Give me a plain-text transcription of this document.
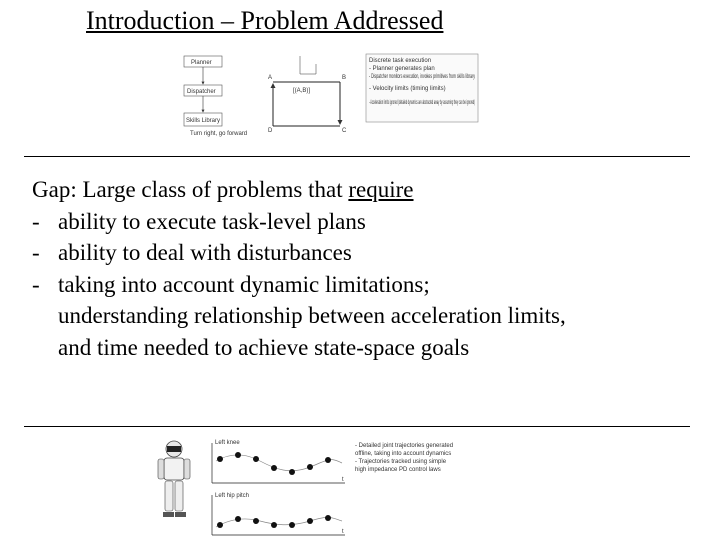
Introduction – Problem Addressed
Planner
Dispatcher
Skills Library
Turn right, go forward
A	B
C
D
[(A,B)]
Discrete task execution
- Planner generates plan
- Dispatcher monitors execution, invokes primitives from skills library
- Velocity limits (timing limits)
- Acceleration limits ignored (detailed dynamics are abstracted away by assuming they can be ignored)
Gap: Large class of problems that require
- ability to execute task-level plans
- ability to deal with disturbances
- taking into account dynamic limitations;
understanding relationship between acceleration limits,
and time needed to achieve state-space goals
Left knee
t
Left hip pitch
t
- Detailed joint trajectories generated
offline, taking into account dynamics
- Trajectories tracked using simple
high impedance PD control laws
